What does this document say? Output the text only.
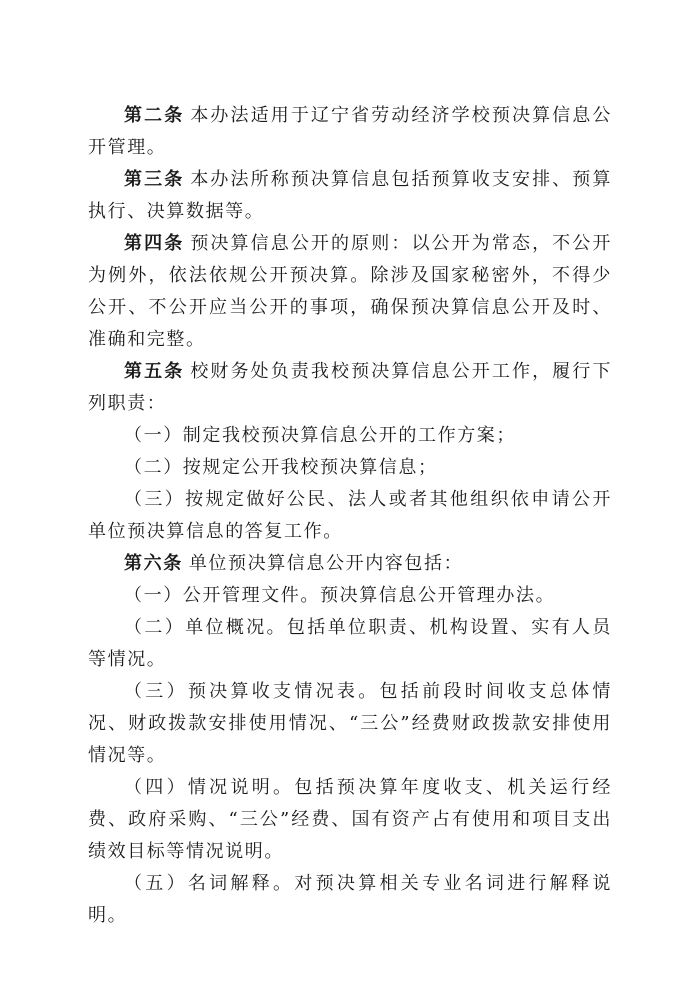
第二条 本办法适用于辽宁省劳动经济学校预决算信息公开管理。

第三条 本办法所称预决算信息包括预算收支安排、预算执行、决算数据等。

第四条 预决算信息公开的原则：以公开为常态，不公开为例外，依法依规公开预决算。除涉及国家秘密外，不得少公开、不公开应当公开的事项，确保预决算信息公开及时、准确和完整。

第五条 校财务处负责我校预决算信息公开工作，履行下列职责：

（一）制定我校预决算信息公开的工作方案；

（二）按规定公开我校预决算信息；

（三）按规定做好公民、法人或者其他组织依申请公开单位预决算信息的答复工作。

第六条 单位预决算信息公开内容包括：

（一）公开管理文件。预决算信息公开管理办法。

（二）单位概况。包括单位职责、机构设置、实有人员等情况。

（三）预决算收支情况表。包括前段时间收支总体情况、财政拨款安排使用情况、“三公”经费财政拨款安排使用情况等。

（四）情况说明。包括预决算年度收支、机关运行经费、政府采购、“三公”经费、国有资产占有使用和项目支出绩效目标等情况说明。

（五）名词解释。对预决算相关专业名词进行解释说明。
